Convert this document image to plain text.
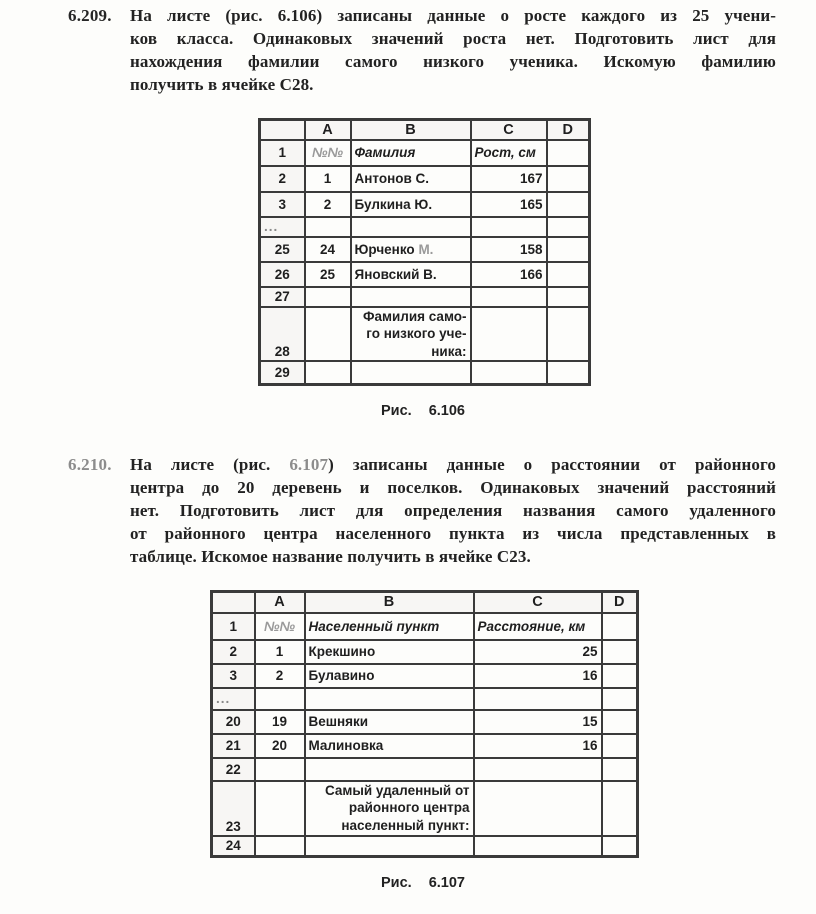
6.209. На листе (рис. 6.106) записаны данные о росте каждого из 25 учени-
ков класса. Одинаковых значений роста нет. Подготовить лист для
нахождения фамилии самого низкого ученика. Искомую фамилию
получить в ячейке С28.
	A	B	C	D
1	№№	Фамилия	Рост, см	
2	1	Антонов С.	167	
3	2	Булкина Ю.	165	
...				
25	24	Юрченко М.	158	
26	25	Яновский В.	166	
27				
28		Фамилия само-
го низкого уче-
ника:		

29				
Рис. 6.106
6.210. На листе (рис. 6.107) записаны данные о расстоянии от районного
центра до 20 деревень и поселков. Одинаковых значений расстояний
нет. Подготовить лист для определения названия самого удаленного
от районного центра населенного пункта из числа представленных в
таблице. Искомое название получить в ячейке С23.
	A	B	C	D
1	№№	Населенный пункт	Расстояние, км	
2	1	Крекшино	25	
3	2	Булавино	16	
...				
20	19	Вешняки	15	
21	20	Малиновка	16	
22				
23		Самый удаленный от
районного центра
населенный пункт:		

24				
Рис. 6.107
